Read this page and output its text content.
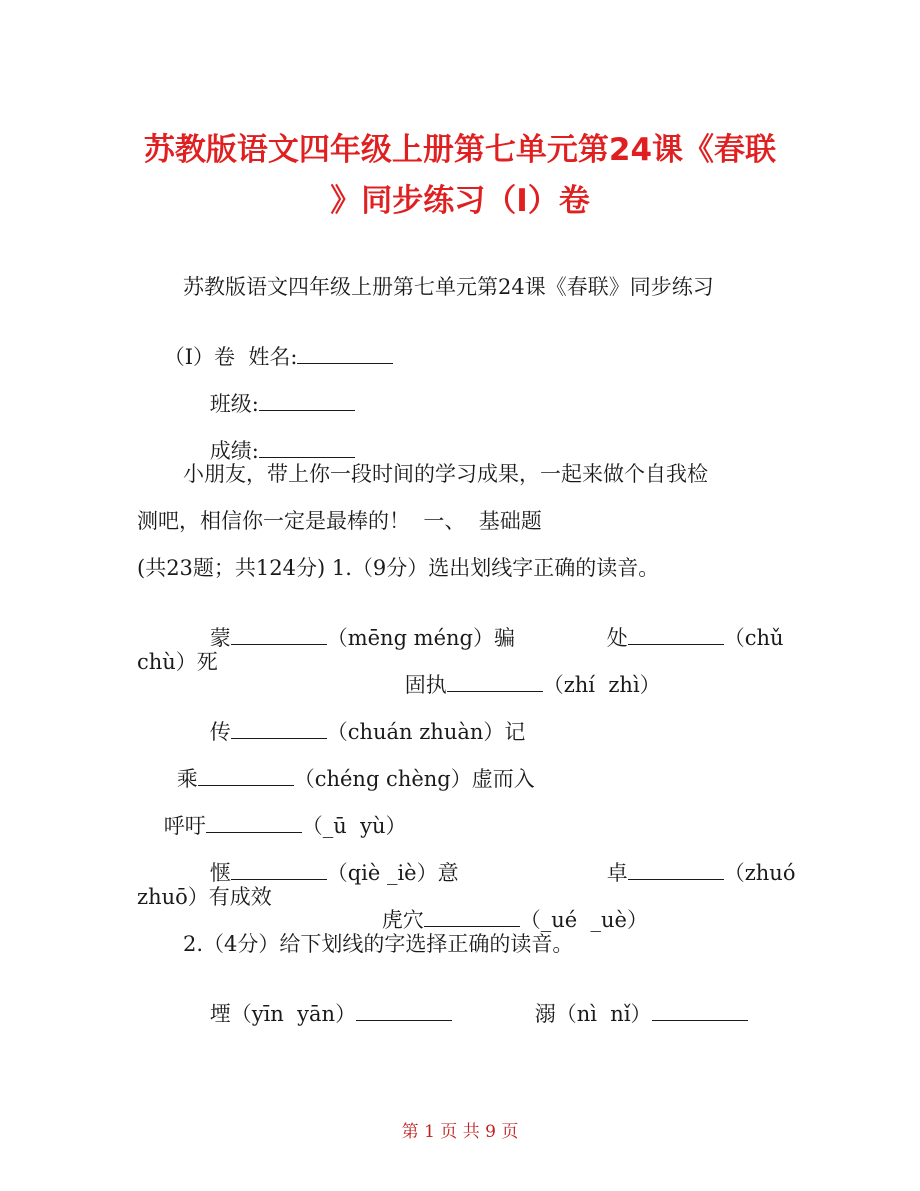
苏教版语文四年级上册第七单元第24课《春联
》同步练习（I）卷
苏教版语文四年级上册第七单元第24课《春联》同步练习

（I）卷  姓名:

班级:

成绩:

小朋友，带上你一段时间的学习成果，一起来做个自我检
测吧，相信你一定是最棒的！  一、  基础题
(共23题；共124分) 1.（9分）选出划线字正确的读音。

蒙	（mēng méng）骗
	处	（chǔ

chù）死

固执	（zhí  zhì）

传	（chuán zhuàn）记

乘	（chéng chèng）虚而入

呼吁	（_ū  yù）

惬	（qiè _iè）意
	卓	（zhuó

zhuō）有成效

虎穴	（_ué  _uè）

2.（4分）给下划线的字选择正确的读音。

堙（yīn  yān）
	溺（nì  nǐ）

第 1 页 共 9 页
